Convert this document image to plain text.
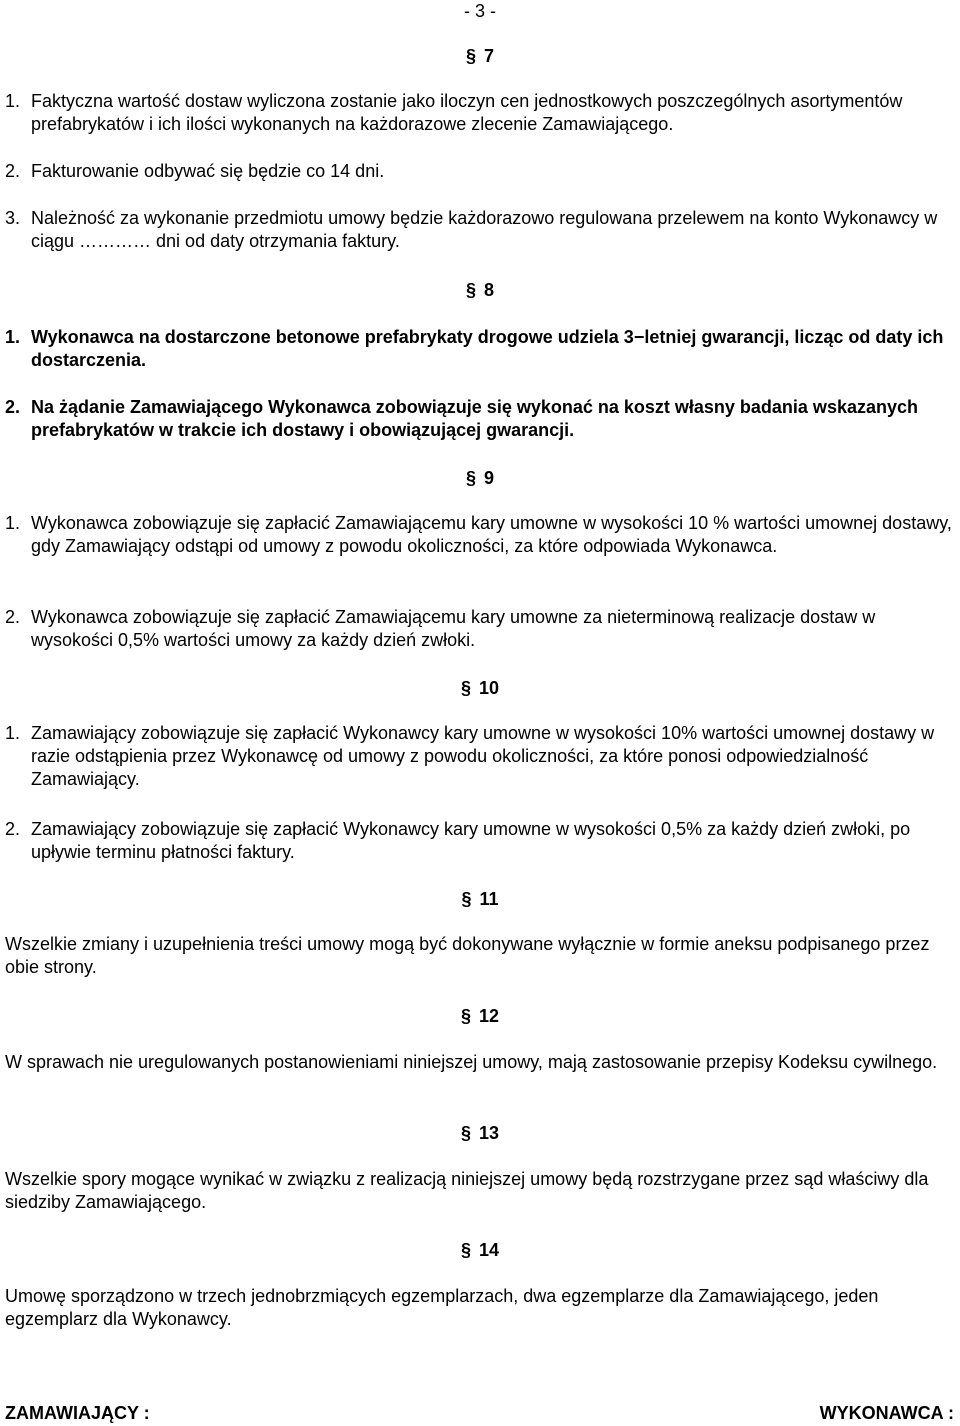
- 3 -
§ 7
1. Faktyczna wartość dostaw wyliczona zostanie jako iloczyn cen jednostkowych poszczególnych asortymentów prefabrykatów i ich ilości wykonanych na każdorazowe zlecenie Zamawiającego.
2. Fakturowanie odbywać się będzie co 14 dni.
3. Należność za wykonanie przedmiotu umowy będzie każdorazowo regulowana przelewem na konto Wykonawcy w ciągu ………… dni od daty otrzymania faktury.
§ 8
1. Wykonawca na dostarczone betonowe prefabrykaty drogowe udziela 3−letniej gwarancji, licząc od daty ich dostarczenia.
2. Na żądanie Zamawiającego Wykonawca zobowiązuje się wykonać na koszt własny badania wskazanych prefabrykatów w trakcie ich dostawy i obowiązującej gwarancji.
§ 9
1. Wykonawca zobowiązuje się zapłacić Zamawiającemu kary umowne w wysokości 10 % wartości umownej dostawy, gdy Zamawiający odstąpi od umowy z powodu okoliczności, za które odpowiada Wykonawca.
2. Wykonawca zobowiązuje się zapłacić Zamawiającemu kary umowne za nieterminową realizacje dostaw w wysokości 0,5% wartości umowy za każdy dzień zwłoki.
§ 10
1. Zamawiający zobowiązuje się zapłacić Wykonawcy kary umowne w wysokości 10% wartości umownej dostawy w razie odstąpienia przez Wykonawcę od umowy z powodu okoliczności, za które ponosi odpowiedzialność Zamawiający.
2. Zamawiający zobowiązuje się zapłacić Wykonawcy kary umowne w wysokości 0,5% za każdy dzień zwłoki, po upływie terminu płatności faktury.
§ 11
Wszelkie zmiany i uzupełnienia treści umowy mogą być dokonywane wyłącznie w formie aneksu podpisanego przez obie strony.
§ 12
W sprawach nie uregulowanych postanowieniami niniejszej umowy, mają zastosowanie przepisy Kodeksu cywilnego.
§ 13
Wszelkie spory mogące wynikać w związku z realizacją niniejszej umowy będą rozstrzygane przez sąd właściwy dla siedziby Zamawiającego.
§ 14
Umowę sporządzono w trzech jednobrzmiących egzemplarzach, dwa egzemplarze dla Zamawiającego, jeden egzemplarz dla Wykonawcy.
ZAMAWIAJĄCY :	WYKONAWCA :
